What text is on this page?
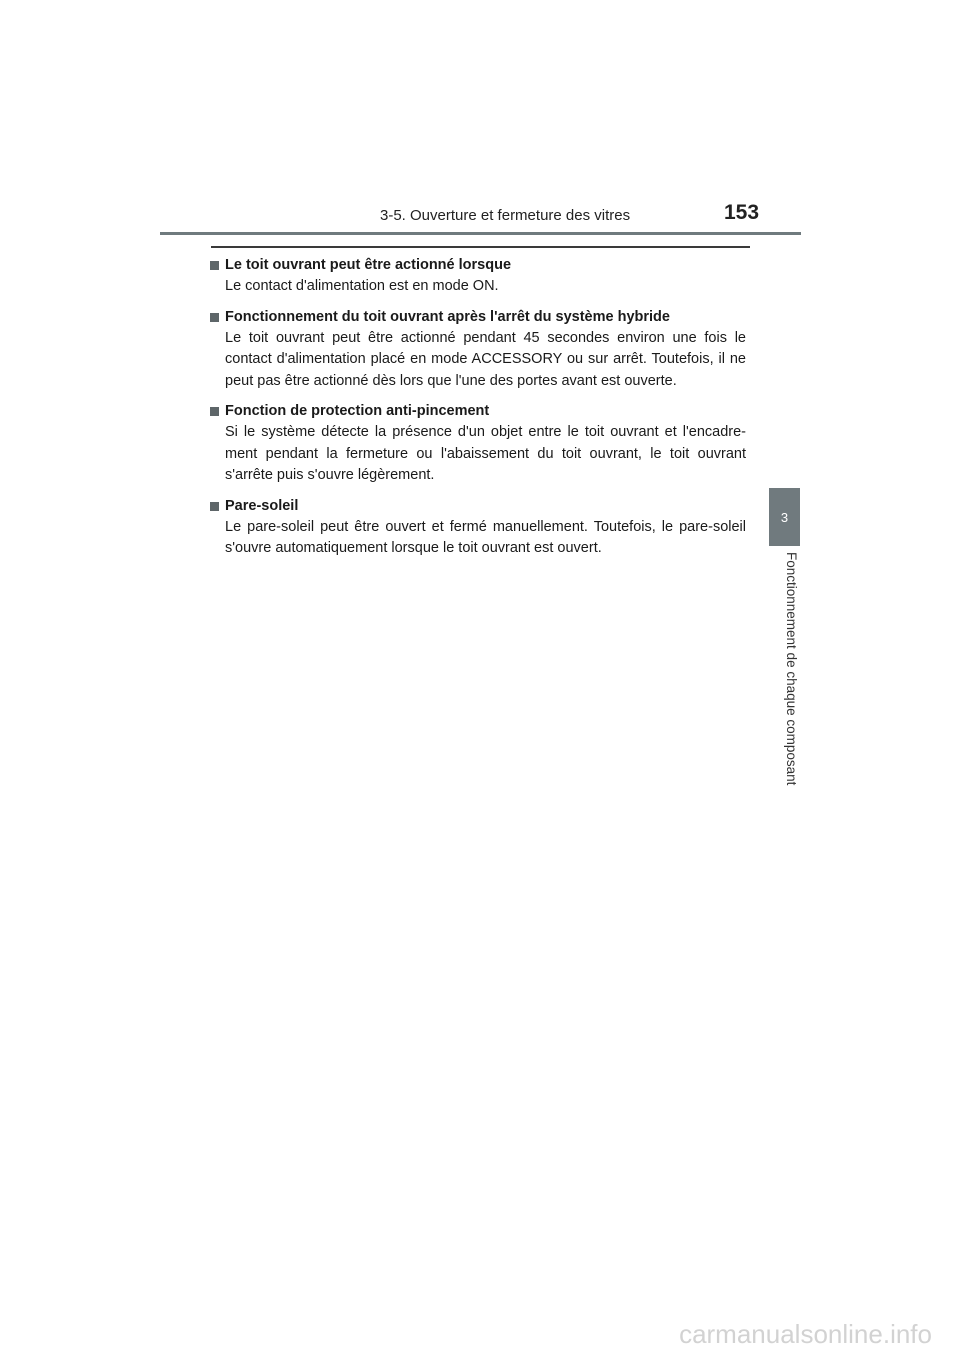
3-5. Ouverture et fermeture des vitres	153
3
Fonctionnement de chaque composant
Le toit ouvrant peut être actionné lorsque
Le contact d'alimentation est en mode ON.
Fonctionnement du toit ouvrant après l'arrêt du système hybride
Le toit ouvrant peut être actionné pendant 45 secondes environ une fois le contact d'alimentation placé en mode ACCESSORY ou sur arrêt. Toutefois, il ne peut pas être actionné dès lors que l'une des portes avant est ouverte.
Fonction de protection anti-pincement
Si le système détecte la présence d'un objet entre le toit ouvrant et l'encadre-ment pendant la fermeture ou l'abaissement du toit ouvrant, le toit ouvrant s'arrête puis s'ouvre légèrement.
Pare-soleil
Le pare-soleil peut être ouvert et fermé manuellement. Toutefois, le pare-soleil s'ouvre automatiquement lorsque le toit ouvrant est ouvert.
carmanualsonline.info
